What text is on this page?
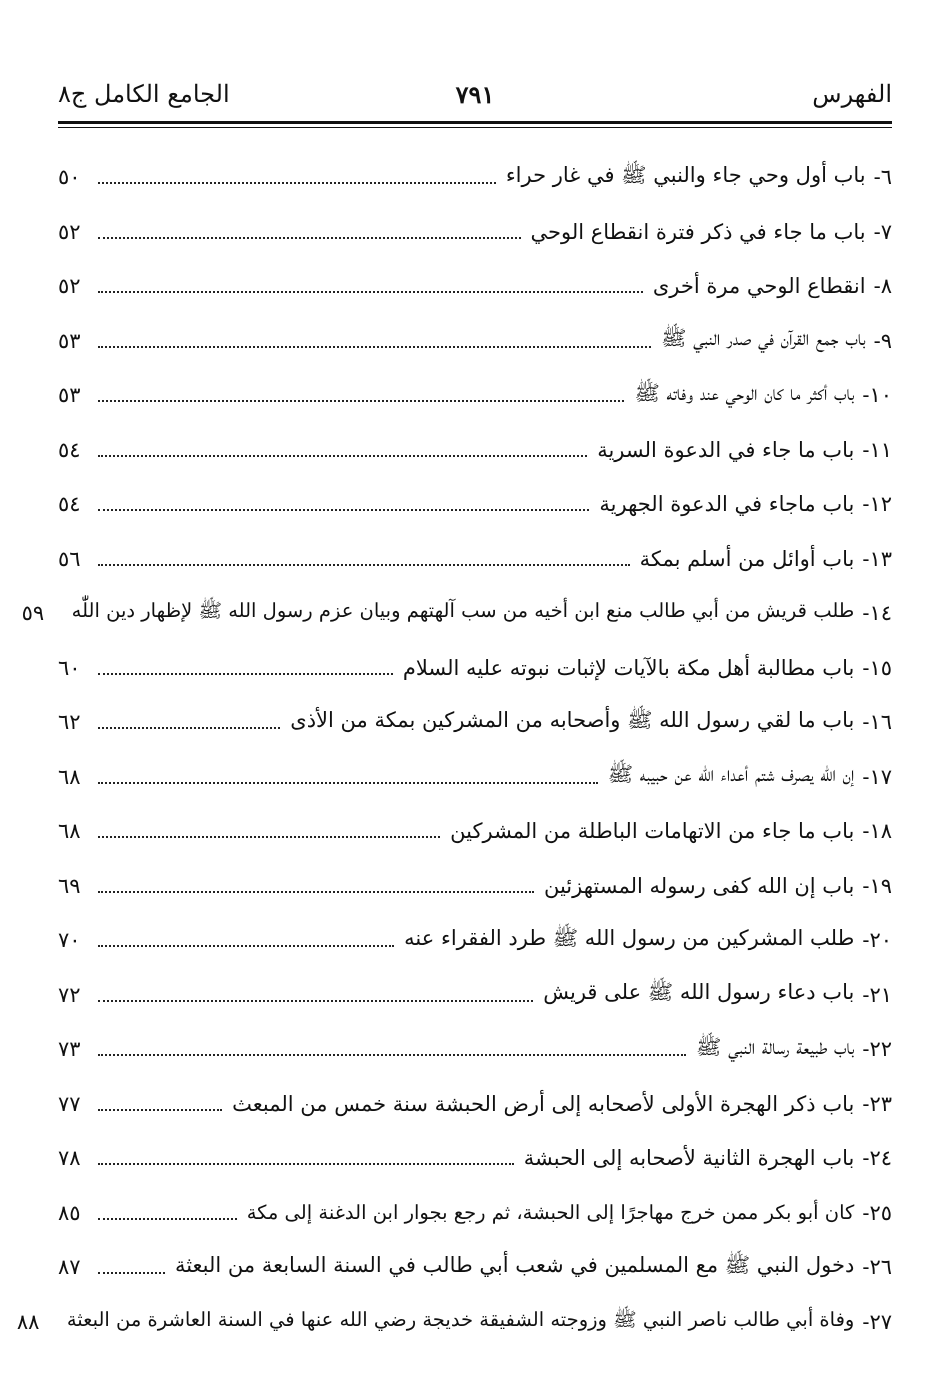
الفهرس
٧٩١
الجامع الكامل ج٨
٦-
باب أول وحي جاء والنبي ﷺ في غار حراء
٥٠
٧-
باب ما جاء في ذكر فترة انقطاع الوحي
٥٢
٨-
انقطاع الوحي مرة أخرى
٥٢
٩-
باب جمع القرآن في صدر النبي ﷺ
٥٣
١٠-
باب أكثر ما كان الوحي عند وفاته ﷺ
٥٣
١١-
باب ما جاء في الدعوة السرية
٥٤
١٢-
باب ماجاء في الدعوة الجهرية
٥٤
١٣-
باب أوائل من أسلم بمكة
٥٦
١٤-
طلب قريش من أبي طالب منع ابن أخيه من سب آلهتهم وبيان عزم رسول الله ﷺ لإظهار دين اللّٰه
٥٩
١٥-
باب مطالبة أهل مكة بالآيات لإثبات نبوته عليه السلام
٦٠
١٦-
باب ما لقي رسول الله ﷺ وأصحابه من المشركين بمكة من الأذى
٦٢
١٧-
إن الله يصرف شتم أعداء الله عن حبيبه ﷺ
٦٨
١٨-
باب ما جاء من الاتهامات الباطلة من المشركين
٦٨
١٩-
باب إن الله كفى رسوله المستهزئين
٦٩
٢٠-
طلب المشركين من رسول الله ﷺ طرد الفقراء عنه
٧٠
٢١-
باب دعاء رسول الله ﷺ على قريش
٧٢
٢٢-
باب طبيعة رسالة النبي ﷺ
٧٣
٢٣-
باب ذكر الهجرة الأولى لأصحابه إلى أرض الحبشة سنة خمس من المبعث
٧٧
٢٤-
باب الهجرة الثانية لأصحابه إلى الحبشة
٧٨
٢٥-
كان أبو بكر ممن خرج مهاجرًا إلى الحبشة، ثم رجع بجوار ابن الدغنة إلى مكة
٨٥
٢٦-
دخول النبي ﷺ مع المسلمين في شعب أبي طالب في السنة السابعة من البعثة
٨٧
٢٧-
وفاة أبي طالب ناصر النبي ﷺ وزوجته الشفيقة خديجة رضي الله عنها في السنة العاشرة من البعثة
٨٨
